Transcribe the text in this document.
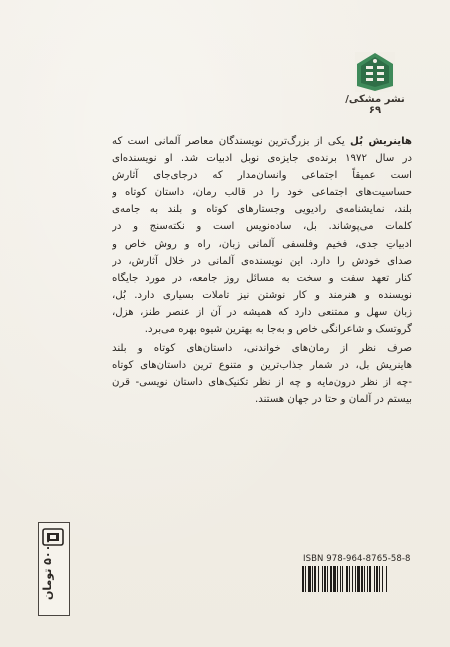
نشر مشکی/۶۹
هاینریش بُل یکی از بزرگ‌ترین نویسندگان معاصر آلمانی است که
در سال ۱۹۷۲ برنده‌ی جایزه‌ی نوبل ادبیات شد. او نویسنده‌ای
است عمیقاً اجتماعی وانسان‌مدار که درجای‌جای آثارش
حساسیت‌های اجتماعی خود را در قالب رمان، داستان کوتاه و
بلند، نمایشنامه‌ی رادیویی وجستارهای کوتاه و بلند به جامه‌ی
کلمات می‌پوشاند. بل، ساده‌نویس است و نکته‌سنج و در
ادبیاتِ جدی، فخیم وفلسفی آلمانی زبان، راه و روش خاص و
صدای خودش را دارد. این نویسنده‌ی آلمانی در خلال آثارش، در
کنار تعهد سفت و سخت به مسائل روز جامعه، در مورد جایگاه
نویسنده و هنرمند و کار نوشتن نیز تاملات بسیاری دارد. بُل،
زبان سهل و ممتنعی دارد که همیشه در آن از عنصر طنز، هزل،
گروتسک و شاعرانگی خاص و به‌جا به بهترین شیوه بهره می‌برد.
صرف نظر از رمان‌های خواندنی، داستان‌های کوتاه و بلند
هاینریش بل، در شمار جذاب‌ترین و متنوع ترین داستان‌های کوتاه
-چه از نظر درون‌مایه و چه از نظر تکنیک‌های داستان نویسی- قرن
بیستم در آلمان و حتا در جهان هستند.
۵۰۰۰ تومان	ISBN 978-964-8765-58-8
